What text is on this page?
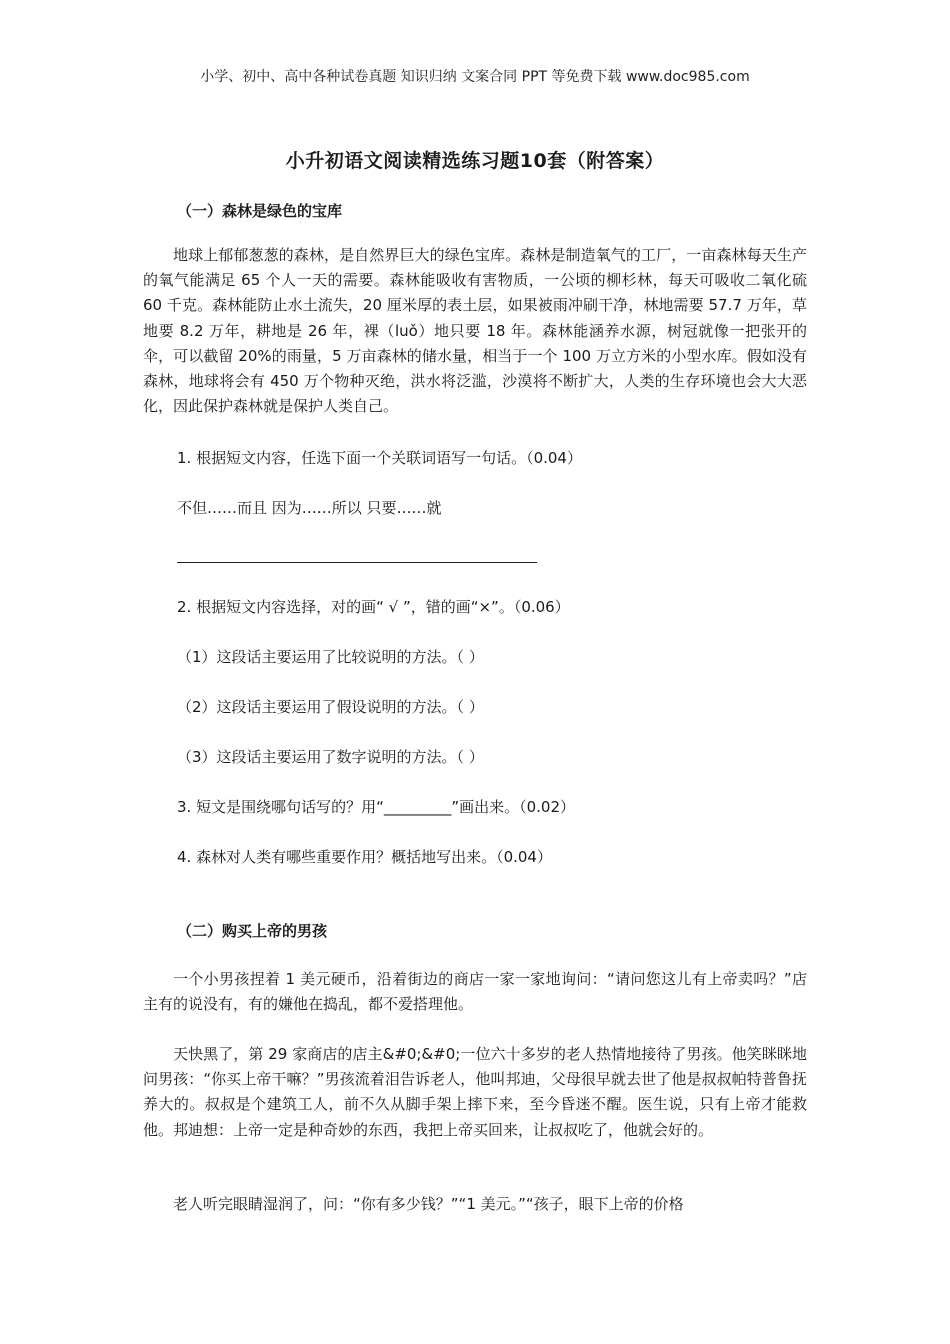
小学、初中、高中各种试卷真题 知识归纳 文案合同 PPT 等免费下载 www.doc985.com
小升初语文阅读精选练习题10套（附答案）
（一）森林是绿色的宝库

地球上郁郁葱葱的森林，是自然界巨大的绿色宝库。森林是制造氧气的工厂，一亩森林每天生产的氧气能满足 65 个人一天的需要。森林能吸收有害物质，一公顷的柳杉林，每天可吸收二氧化硫 60 千克。森林能防止水土流失，20 厘米厚的表土层，如果被雨冲刷干净，林地需要 57.7 万年，草地要 8.2 万年，耕地是 26 年，裸（luǒ）地只要 18 年。森林能涵养水源，树冠就像一把张开的伞，可以截留 20%的雨量，5 万亩森林的储水量，相当于一个 100 万立方米的小型水库。假如没有森林，地球将会有 450 万个物种灭绝，洪水将泛滥，沙漠将不断扩大，人类的生存环境也会大大恶化，因此保护森林就是保护人类自己。

1. 根据短文内容，任选下面一个关联词语写一句话。（0.04）
不但……而且 因为……所以 只要……就
2. 根据短文内容选择，对的画“ √ ”，错的画“×”。（0.06）
（1）这段话主要运用了比较说明的方法。（ ）
（2）这段话主要运用了假设说明的方法。（ ）
（3）这段话主要运用了数字说明的方法。（ ）
3. 短文是围绕哪句话写的？用“_________”画出来。（0.02）
4. 森林对人类有哪些重要作用？概括地写出来。（0.04）
（二）购买上帝的男孩

一个小男孩捏着 1 美元硬币，沿着街边的商店一家一家地询问：“请问您这儿有上帝卖吗？”店主有的说没有，有的嫌他在捣乱，都不爱搭理他。

天快黑了，第 29 家商店的店主&#0;&#0;一位六十多岁的老人热情地接待了男孩。他笑眯眯地问男孩：“你买上帝干嘛？”男孩流着泪告诉老人，他叫邦迪，父母很早就去世了他是叔叔帕特普鲁抚养大的。叔叔是个建筑工人，前不久从脚手架上摔下来，至今昏迷不醒。医生说，只有上帝才能救他。邦迪想：上帝一定是种奇妙的东西，我把上帝买回来，让叔叔吃了，他就会好的。

老人听完眼睛湿润了，问：“你有多少钱？”“1 美元。”“孩子，眼下上帝的价格
